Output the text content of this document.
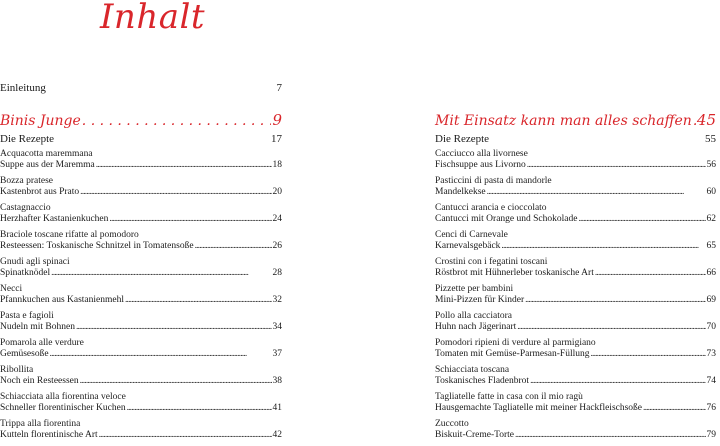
Inhalt
Einleitung	7
Binis Junge . . .	9
Die Rezepte	17
Acquacotta maremmana
Suppe aus der Maremma . . .	18
Bozza pratese
Kastenbrot aus Prato . . .	20
Castagnaccio
Herzhafter Kastanienkuchen . . .	24
Braciole toscane rifatte al pomodoro
Resteessen: Toskanische Schnitzel in Tomatensoße . . .	26
Gnudi agli spinaci
Spinatknödel . . .	28
Necci
Pfannkuchen aus Kastanienmehl . . .	32
Pasta e fagioli
Nudeln mit Bohnen . . .	34
Pomarola alle verdure
Gemüsesoße . . .	37
Ribollita
Noch ein Resteessen . . .	38
Schiacciata alla fiorentina veloce
Schneller florentinischer Kuchen . . .	41
Trippa alla fiorentina
Kutteln florentinische Art . . .	42
Mit Einsatz kann man alles schaffen . . . 45
Die Rezepte	55
Cacciucco alla livornese
Fischsuppe aus Livorno . . .	56
Pasticcini di pasta di mandorle
Mandelkekse . . .	60
Cantucci arancia e cioccolato
Cantucci mit Orange und Schokolade . . .	62
Cenci di Carnevale
Karnevalsgebäck . . .	65
Crostini con i fegatini toscani
Röstbrot mit Hühnerleber toskanische Art . . .	66
Pizzette per bambini
Mini-Pizzen für Kinder . . .	69
Pollo alla cacciatora
Huhn nach Jägerinart . . .	70
Pomodori ripieni di verdure al parmigiano
Tomaten mit Gemüse-Parmesan-Füllung . . .	73
Schiacciata toscana
Toskanisches Fladenbrot . . .	74
Tagliatelle fatte in casa con il mio ragù
Hausgemachte Tagliatelle mit meiner Hackfleischsoße . . .	76
Zuccotto
Biskuit-Creme-Torte . . .	79
